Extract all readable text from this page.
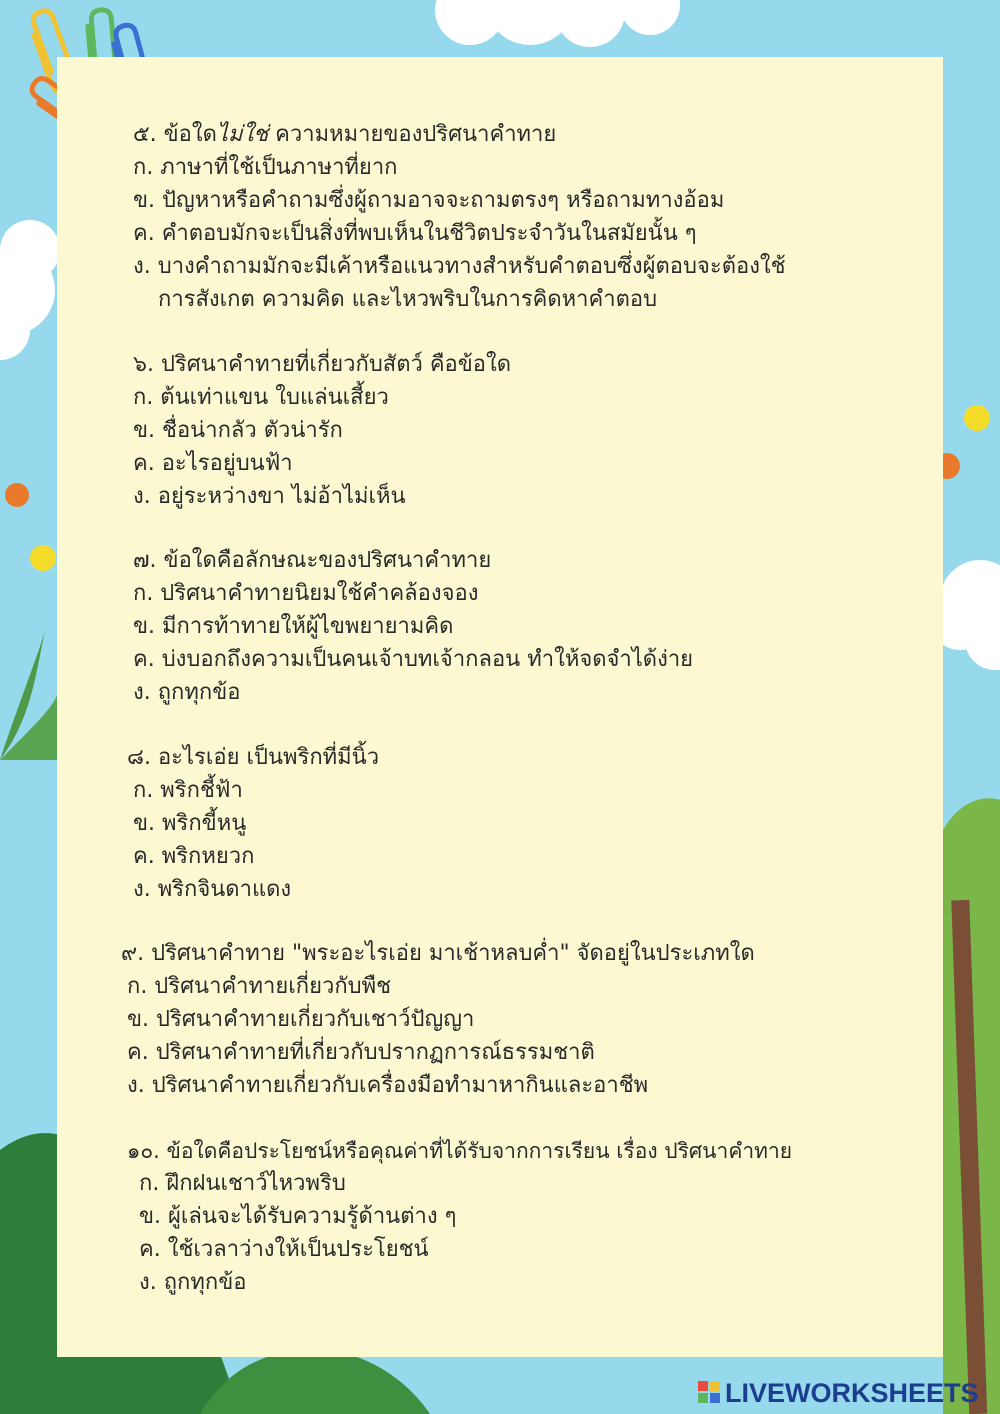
๕. ข้อใดไม่ใช่ ความหมายของปริศนาคำทาย
ก. ภาษาที่ใช้เป็นภาษาที่ยาก
ข. ปัญหาหรือคำถามซึ่งผู้ถามอาจจะถามตรงๆ หรือถามทางอ้อม
ค. คำตอบมักจะเป็นสิ่งที่พบเห็นในชีวิตประจำวันในสมัยนั้น ๆ
ง. บางคำถามมักจะมีเค้าหรือแนวทางสำหรับคำตอบซึ่งผู้ตอบจะต้องใช้
การสังเกต ความคิด และไหวพริบในการคิดหาคำตอบ
๖. ปริศนาคำทายที่เกี่ยวกับสัตว์ คือข้อใด
ก. ต้นเท่าแขน ใบแล่นเสี้ยว
ข. ชื่อน่ากลัว ตัวน่ารัก
ค. อะไรอยู่บนฟ้า
ง. อยู่ระหว่างขา ไม่อ้าไม่เห็น
๗. ข้อใดคือลักษณะของปริศนาคำทาย
ก. ปริศนาคำทายนิยมใช้คำคล้องจอง
ข. มีการท้าทายให้ผู้ไขพยายามคิด
ค. บ่งบอกถึงความเป็นคนเจ้าบทเจ้ากลอน ทำให้จดจำได้ง่าย
ง. ถูกทุกข้อ
๘. อะไรเอ่ย เป็นพริกที่มีนิ้ว
ก. พริกชี้ฟ้า
ข. พริกขี้หนู
ค. พริกหยวก
ง. พริกจินดาแดง
๙. ปริศนาคำทาย "พระอะไรเอ่ย มาเช้าหลบค่ำ" จัดอยู่ในประเภทใด
ก. ปริศนาคำทายเกี่ยวกับพืช
ข. ปริศนาคำทายเกี่ยวกับเชาว์ปัญญา
ค. ปริศนาคำทายที่เกี่ยวกับปรากฏการณ์ธรรมชาติ
ง. ปริศนาคำทายเกี่ยวกับเครื่องมือทำมาหากินและอาชีพ
๑๐. ข้อใดคือประโยชน์หรือคุณค่าที่ได้รับจากการเรียน เรื่อง ปริศนาคำทาย
ก. ฝึกฝนเชาว์ไหวพริบ
ข. ผู้เล่นจะได้รับความรู้ด้านต่าง ๆ
ค. ใช้เวลาว่างให้เป็นประโยชน์
ง. ถูกทุกข้อ
LIVEWORKSHEETS
